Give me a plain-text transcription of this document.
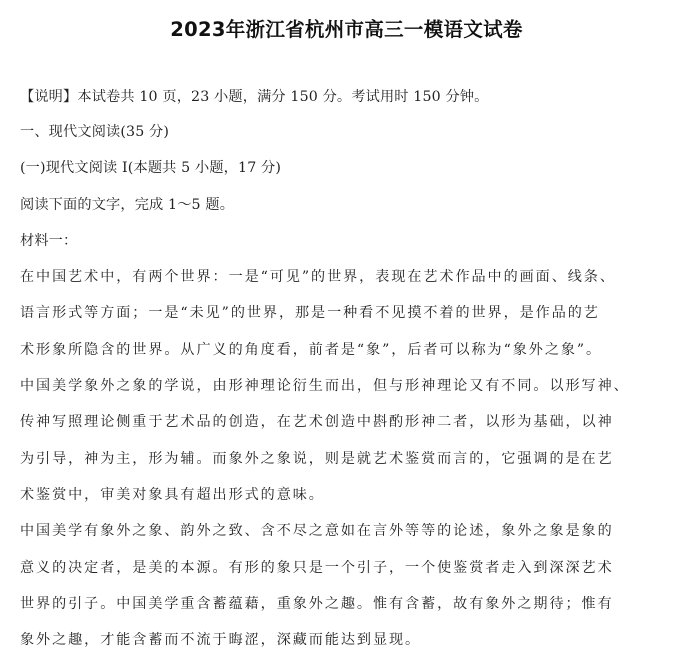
2023年浙江省杭州市高三一模语文试卷
【说明】本试卷共 10 页，23 小题，满分 150 分。考试用时 150 分钟。
一、现代文阅读(35 分)
(一)现代文阅读 I(本题共 5 小题，17 分)
阅读下面的文字，完成 1～5 题。
材料一：
在中国艺术中，有两个世界：一是“可见”的世界，表现在艺术作品中的画面、线条、
语言形式等方面；一是“未见”的世界，那是一种看不见摸不着的世界，是作品的艺
术形象所隐含的世界。从广义的角度看，前者是“象”，后者可以称为“象外之象”。
中国美学象外之象的学说，由形神理论衍生而出，但与形神理论又有不同。以形写神、
传神写照理论侧重于艺术品的创造，在艺术创造中斟酌形神二者，以形为基础，以神
为引导，神为主，形为辅。而象外之象说，则是就艺术鉴赏而言的，它强调的是在艺
术鉴赏中，审美对象具有超出形式的意味。
中国美学有象外之象、韵外之致、含不尽之意如在言外等等的论述，象外之象是象的
意义的决定者，是美的本源。有形的象只是一个引子，一个使鉴赏者走入到深深艺术
世界的引子。中国美学重含蓄蕴藉，重象外之趣。惟有含蓄，故有象外之期待；惟有
象外之趣，才能含蓄而不流于晦涩，深藏而能达到显现。
